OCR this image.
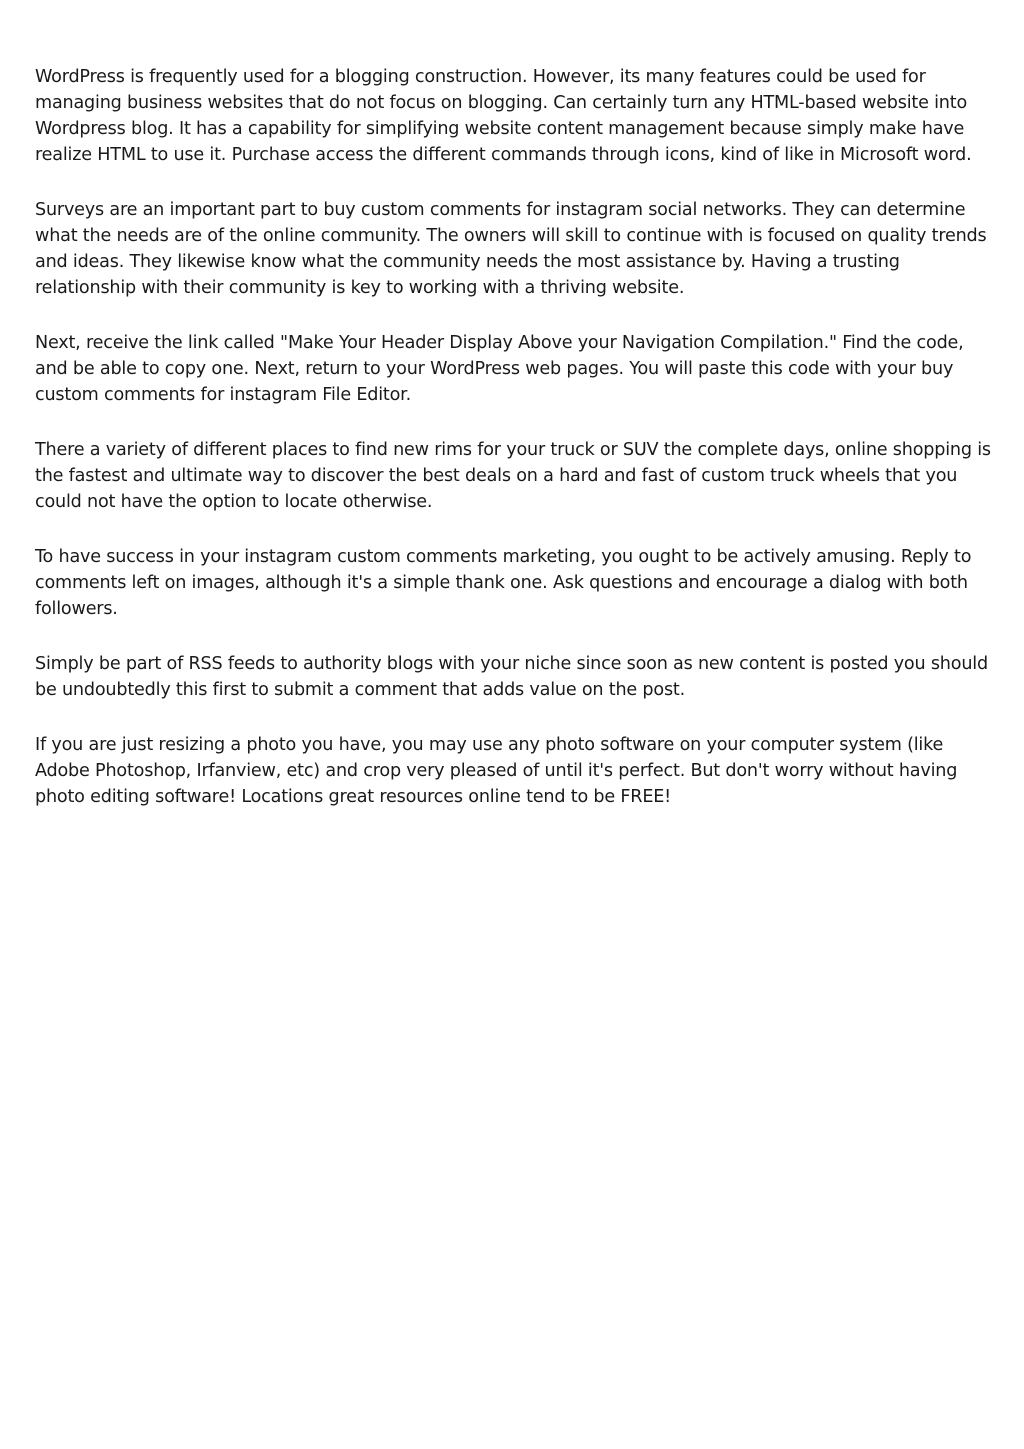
WordPress is frequently used for a blogging construction. However, its many features could be used for managing business websites that do not focus on blogging. Can certainly turn any HTML-based website into Wordpress blog. It has a capability for simplifying website content management because simply make have realize HTML to use it. Purchase access the different commands through icons, kind of like in Microsoft word.

Surveys are an important part to buy custom comments for instagram social networks. They can determine what the needs are of the online community. The owners will skill to continue with is focused on quality trends and ideas. They likewise know what the community needs the most assistance by. Having a trusting relationship with their community is key to working with a thriving website.

Next, receive the link called "Make Your Header Display Above your Navigation Compilation." Find the code, and be able to copy one. Next, return to your WordPress web pages. You will paste this code with your buy custom comments for instagram File Editor.

There a variety of different places to find new rims for your truck or SUV the complete days, online shopping is the fastest and ultimate way to discover the best deals on a hard and fast of custom truck wheels that you could not have the option to locate otherwise.

To have success in your instagram custom comments marketing, you ought to be actively amusing. Reply to comments left on images, although it's a simple thank one. Ask questions and encourage a dialog with both followers.

Simply be part of RSS feeds to authority blogs with your niche since soon as new content is posted you should be undoubtedly this first to submit a comment that adds value on the post.

If you are just resizing a photo you have, you may use any photo software on your computer system (like Adobe Photoshop, Irfanview, etc) and crop very pleased of until it's perfect. But don't worry without having photo editing software! Locations great resources online tend to be FREE!
